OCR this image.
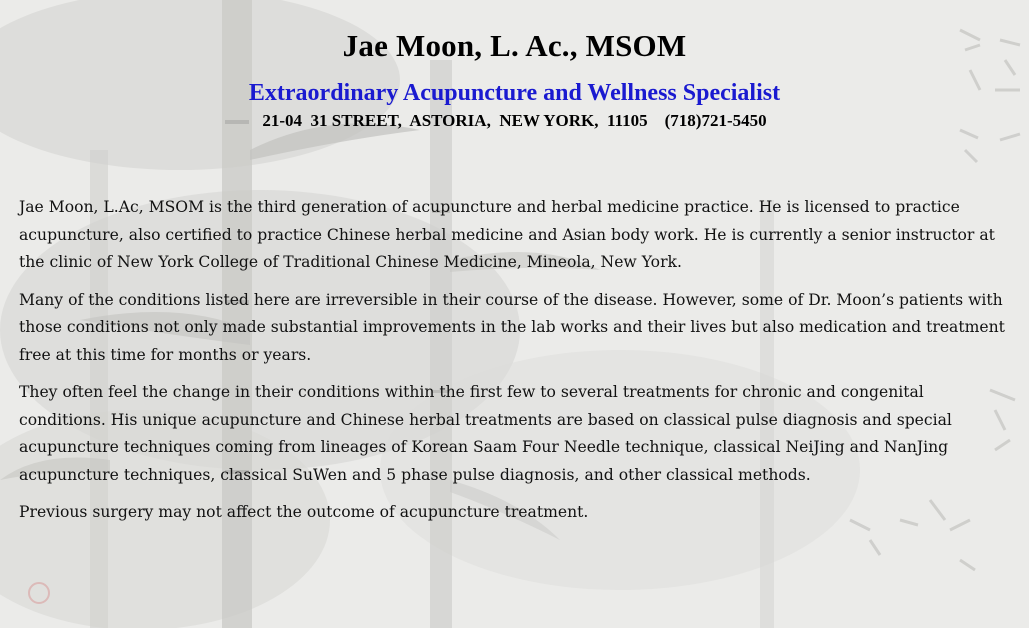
Jae Moon, L. Ac., MSOM
Extraordinary Acupuncture and Wellness Specialist
21-04  31 STREET,  ASTORIA,  NEW YORK,  11105    (718)721-5450

Jae Moon, L.Ac, MSOM is the third generation of acupuncture and herbal medicine practice. He is licensed to practice acupuncture, also certified to practice Chinese herbal medicine and Asian body work. He is currently a senior instructor at the clinic of New York College of Traditional Chinese Medicine, Mineola, New York.

Many of the conditions listed here are irreversible in their course of the disease. However, some of Dr. Moon’s patients with those conditions not only made substantial improvements in the lab works and their lives but also medication and treatment free at this time for months or years.

They often feel the change in their conditions within the first few to several treatments for chronic and congenital conditions. His unique acupuncture and Chinese herbal treatments are based on classical pulse diagnosis and special acupuncture techniques coming from lineages of Korean Saam Four Needle technique, classical NeiJing and NanJing acupuncture techniques, classical SuWen and 5 phase pulse diagnosis, and other classical methods.

Previous surgery may not affect the outcome of acupuncture treatment.
